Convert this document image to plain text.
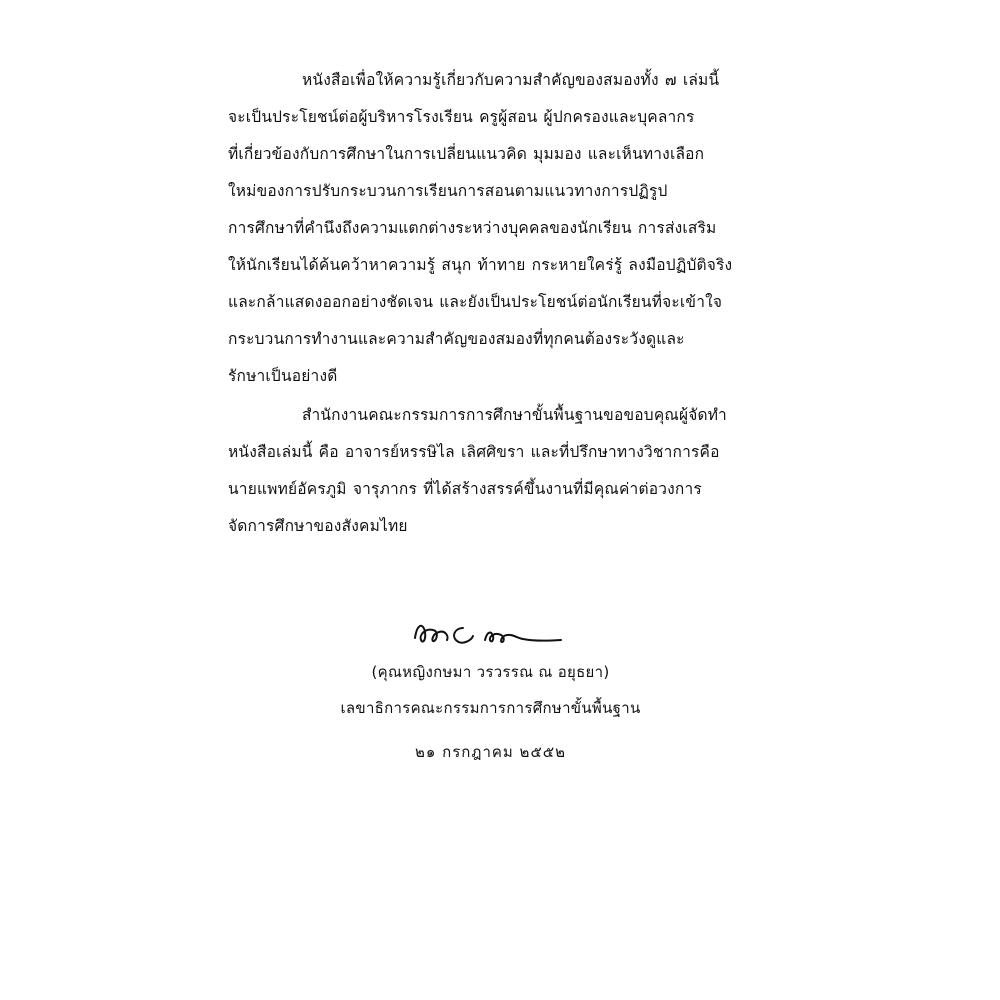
หนังสือเพื่อให้ความรู้เกี่ยวกับความสำคัญของสมองทั้ง ๗ เล่มนี้
จะเป็นประโยชน์ต่อผู้บริหารโรงเรียน ครูผู้สอน ผู้ปกครองและบุคลากร
ที่เกี่ยวข้องกับการศึกษาในการเปลี่ยนแนวคิด มุมมอง และเห็นทางเลือก
ใหม่ของการปรับกระบวนการเรียนการสอนตามแนวทางการปฏิรูป
การศึกษาที่คำนึงถึงความแตกต่างระหว่างบุคคลของนักเรียน การส่งเสริม
ให้นักเรียนได้ค้นคว้าหาความรู้ สนุก ท้าทาย กระหายใคร่รู้ ลงมือปฏิบัติจริง
และกล้าแสดงออกอย่างชัดเจน และยังเป็นประโยชน์ต่อนักเรียนที่จะเข้าใจ
กระบวนการทำงานและความสำคัญของสมองที่ทุกคนต้องระวังดูและ
รักษาเป็นอย่างดี
สำนักงานคณะกรรมการการศึกษาขั้นพื้นฐานขอขอบคุณผู้จัดทำ
หนังสือเล่มนี้ คือ อาจารย์หรรษิไล เลิศศิขรา และที่ปรึกษาทางวิชาการคือ
นายแพทย์อัครภูมิ จารุภากร ที่ได้สร้างสรรค์ขึ้นงานที่มีคุณค่าต่อวงการ
จัดการศึกษาของสังคมไทย
(คุณหญิงกษมา วรวรรณ ณ อยุธยา)
เลขาธิการคณะกรรมการการศึกษาขั้นพื้นฐาน
๒๑ กรกฎาคม ๒๕๕๒
